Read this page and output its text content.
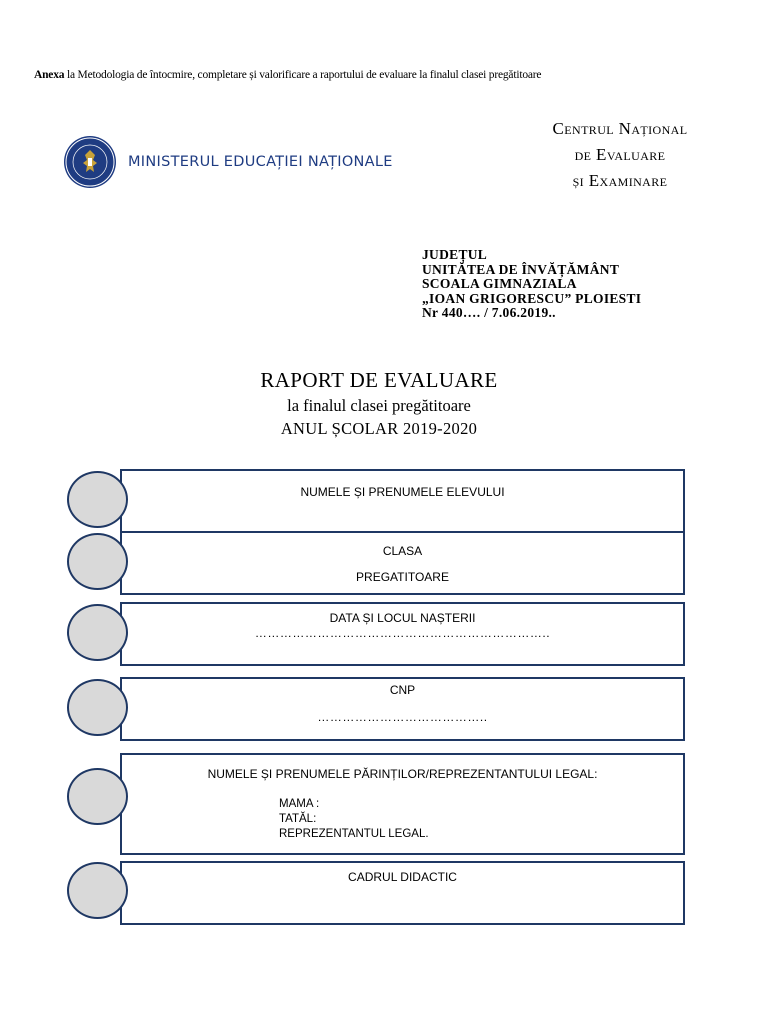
Anexa la Metodologia de întocmire, completare și valorificare a raportului de evaluare la finalul clasei pregătitoare
MINISTERUL EDUCAȚIEI NAȚIONALE
Centrul Național
de Evaluare
și Examinare
JUDEȚUL
UNITĂTEA DE ÎNVĂȚĂMÂNT
SCOALA GIMNAZIALA
„IOAN GRIGORESCU” PLOIESTI
Nr 440…. / 7.06.2019..
RAPORT DE EVALUARE
la finalul clasei pregătitoare
ANUL ȘCOLAR 2019-2020
NUMELE ȘI PRENUMELE ELEVULUI
CLASA
PREGATITOARE
DATA ȘI LOCUL NAȘTERII
……………………………………………………………..
CNP
…………………………………..
NUMELE ȘI PRENUMELE PĂRINȚILOR/REPREZENTANTULUI LEGAL:
MAMA :
TATĂL:
REPREZENTANTUL LEGAL.
CADRUL DIDACTIC
